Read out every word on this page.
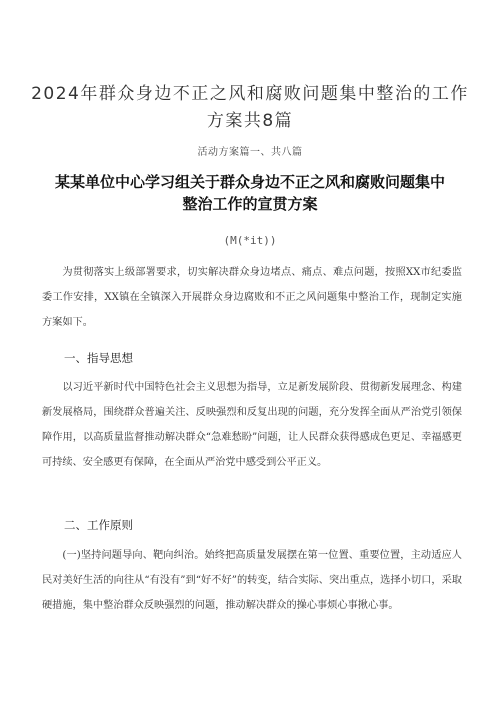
2024年群众身边不正之风和腐败问题集中整治的工作方案共8篇
活动方案篇一、共八篇
某某单位中心学习组关于群众身边不正之风和腐败问题集中整治工作的宣贯方案
(M(*it))

为贯彻落实上级部署要求，切实解决群众身边堵点、痛点、难点问题，按照XX市纪委监委工作安排，XX镇在全镇深入开展群众身边腐败和不正之风问题集中整治工作，现制定实施方案如下。

一、指导思想

以习近平新时代中国特色社会主义思想为指导，立足新发展阶段、贯彻新发展理念、构建新发展格局，围绕群众普遍关注、反映强烈和反复出现的问题，充分发挥全面从严治党引领保障作用，以高质量监督推动解决群众“急难愁盼”问题，让人民群众获得感成色更足、幸福感更可持续、安全感更有保障，在全面从严治党中感受到公平正义。

二、工作原则

(一)坚持问题导向、靶向纠治。始终把高质量发展摆在第一位置、重要位置，主动适应人民对美好生活的向往从“有没有”到“好不好”的转变，结合实际、突出重点，选择小切口，采取硬措施，集中整治群众反映强烈的问题，推动解决群众的操心事烦心事揪心事。
